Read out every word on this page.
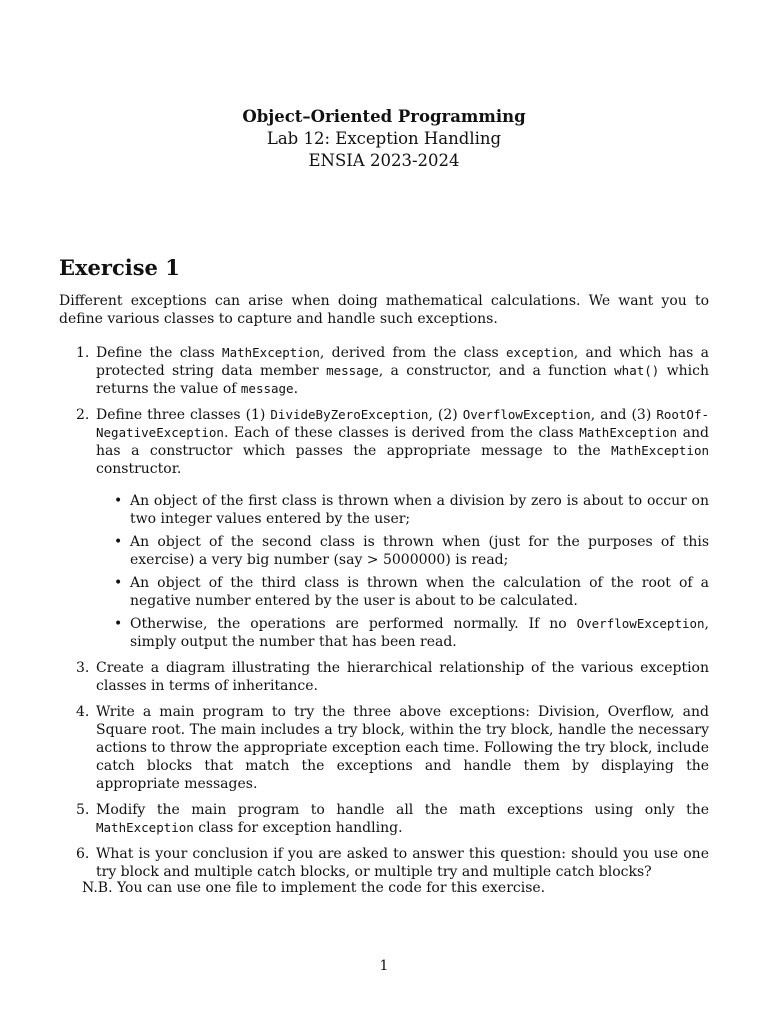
Object–Oriented Programming
Lab 12: Exception Handling
ENSIA 2023-2024
Exercise 1

Different exceptions can arise when doing mathematical calculations. We want you to define various classes to capture and handle such exceptions.

1. Define the class MathException, derived from the class exception, and which has a protected string data member message, a constructor, and a function what() which returns the value of message.
2. Define three classes (1) DivideByZeroException, (2) OverflowException, and (3) RootOf-NegativeException. Each of these classes is derived from the class MathException and has a constructor which passes the appropriate message to the MathException constructor.
• An object of the first class is thrown when a division by zero is about to occur on two integer values entered by the user;
• An object of the second class is thrown when (just for the purposes of this exercise) a very big number (say > 5000000) is read;
• An object of the third class is thrown when the calculation of the root of a negative number entered by the user is about to be calculated.
• Otherwise, the operations are performed normally. If no OverflowException, simply output the number that has been read.
3. Create a diagram illustrating the hierarchical relationship of the various exception classes in terms of inheritance.
4. Write a main program to try the three above exceptions: Division, Overflow, and Square root. The main includes a try block, within the try block, handle the necessary actions to throw the appropriate exception each time. Following the try block, include catch blocks that match the exceptions and handle them by displaying the appropriate messages.
5. Modify the main program to handle all the math exceptions using only the MathException class for exception handling.
6. What is your conclusion if you are asked to answer this question: should you use one try block and multiple catch blocks, or multiple try and multiple catch blocks?
N.B. You can use one file to implement the code for this exercise.
1
